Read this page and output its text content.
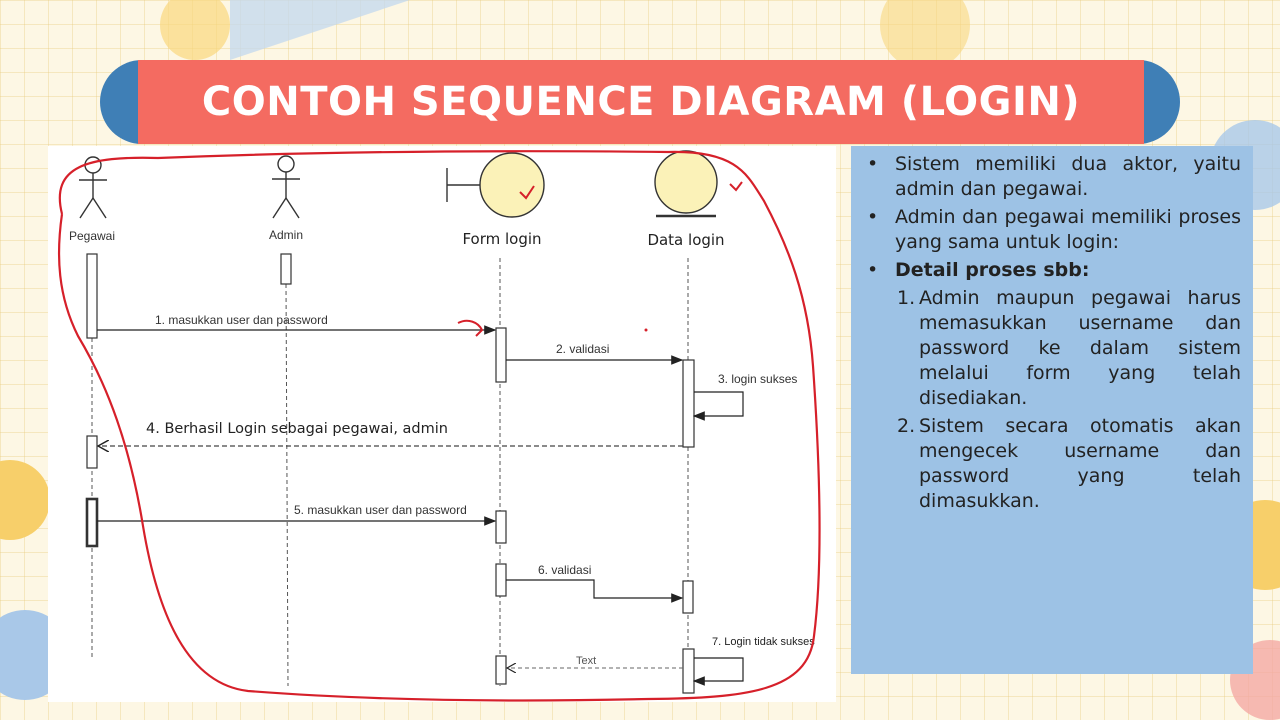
CONTOH SEQUENCE DIAGRAM (LOGIN)
Pegawai	Admin	Form login	Data login
1. masukkan user dan password
2. validasi
3. login sukses
4. Berhasil Login sebagai pegawai, admin
5. masukkan user dan password
6. validasi
7. Login tidak sukses
Text
• Sistem memiliki dua aktor, yaitu admin dan pegawai.
• Admin dan pegawai memiliki proses yang sama untuk login:
• Detail proses sbb:
1. Admin maupun pegawai harus memasukkan username dan password ke dalam sistem melalui form yang telah disediakan.
2. Sistem secara otomatis akan mengecek username dan password yang telah dimasukkan.
